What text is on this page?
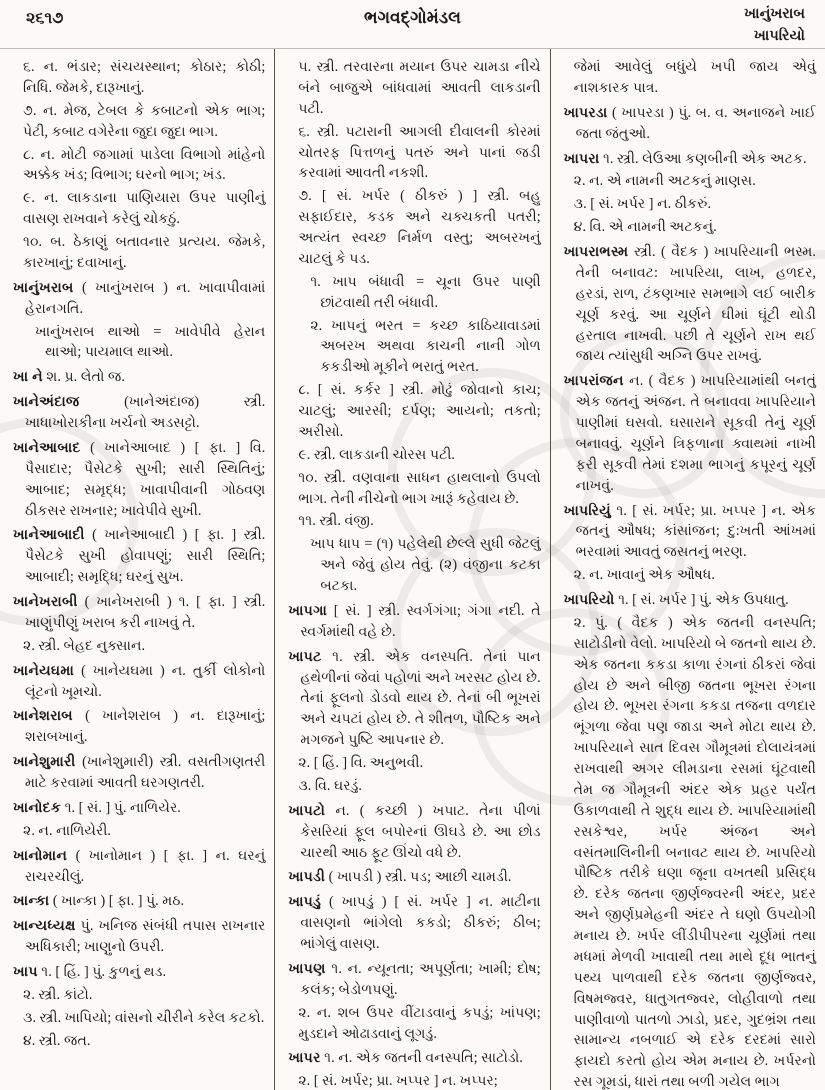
૨૬૧૭	ભગવદ્ગોમંડલ	ખાનુંખરાબ
ખાપરિયો
૬. ન. ભંડાર; સંચયસ્થાન; કોઠાર; કોઠી; નિધિ. જેમકે, દારૂખાનું.
૭. ન. મેજ, ટેબલ કે કબાટનો એક ભાગ; પેટી, કબાટ વગેરેના જુદા જુદા ભાગ.
૮. ન. મોટી જગામાં પાડેલા વિભાગો માંહેનો અક્કેક ખંડ; વિભાગ; ઘરનો ભાગ; ખંડ.
૯. ન. લાકડાના પાણિયારા ઉપર પાણીનું વાસણ રાખવાને કરેલું ચોકઠું.
૧૦. બ. ઠેકાણું બતાવનાર પ્રત્યય. જેમકે, કારખાનું; દવાખાનું.
ખાનુંખરાબ ( ખાનુંખરાબ ) ન. ખાવાપીવામાં હેરાનગતિ.
ખાનુંખરાબ થાઓ = ખાવેપીવે હેરાન થાઓ; પાયમાલ થાઓ.
ખા ને શ. પ્ર. લેતો જ.
ખાનેઅંદાજ (ખાનેઅંદાજ) સ્ત્રી. ખાધાખોરાકીના ખર્ચનો અડસટ્ટો.
ખાનેઆબાદ ( ખાનેઆબાદ ) [ ફા. ] વિ. પૈસાદાર; પૈસેટકે સુખી; સારી સ્થિતિનું; આબાદ; સમૃદ્ધ; ખાવાપીવાની ગોઠવણ ઠીકસર રાખનાર; ખાવેપીવે સુખી.
ખાનેઆબાદી ( ખાનેઆબાદી ) [ ફા. ] સ્ત્રી. પૈસેટકે સુખી હોવાપણું; સારી સ્થિતિ; આબાદી; સમૃદ્ધિ; ઘરનું સુખ.
ખાનેખરાબી ( ખાનેખરાબી ) ૧. [ ફા. ] સ્ત્રી. ખાણુંપીણું ખરાબ કરી નાખવું તે.
૨. સ્ત્રી. બેહદ નુક્સાન.
ખાનેયઘમા ( ખાનેયઘમા ) ન. તુર્કી લોકોનો લૂંટનો ખૂમચો.
ખાનેશરાબ ( ખાનેશરાબ ) ન. દારૂખાનું; શરાબખાનું.
ખાનેશુમારી (ખાનેશુમારી) સ્ત્રી. વસતીગણતરી માટે કરવામાં આવતી ઘરગણતરી.
ખાનોદક ૧. [ સં. ] પું. નાળિયેર.
૨. ન. નાળિયેરી.
ખાનોમાન ( ખાનોમાન ) [ ફા. ] ન. ઘરનું રાચરચીલું.
ખાન્કા ( ખાન્કા ) [ ફા. ] પું. મઠ.
ખાન્યધ્યક્ષ પું. ખનિજ સંબંધી તપાસ રાખનાર અધિકારી; ખાણુનો ઉપરી.
ખાપ ૧. [ હિં. ] પું. કુળનું થડ.
૨. સ્ત્રી. કાંટો.
૩. સ્ત્રી. ખાપિયો; વાંસનો ચીરીને કરેલ કટકો.
૪. સ્ત્રી. જત.
૫. સ્ત્રી. તરવારના મયાન ઉપર ચામડા નીચે બંને બાજુએ બાંધવામાં આવતી લાકડાની પટી.
૬. સ્ત્રી. પટારાની આગલી દીવાલની કોરમાં ચોતરફ પિત્તળનું પતરું અને પાનાં જડી કરવામાં આવતી નકશી.
૭. [ સં. ખર્પર ( ઠીકરું ) ] સ્ત્રી. બહુ સફાઈદાર, કડક અને ચક્ચકતી પતરી; અત્યંત સ્વચ્છ નિર્મળ વસ્તુ; અબરખનું ચાટલું કે પડ.
૧. ખાપ બંધાવી = ચૂના ઉપર પાણી છાંટવાથી તરી બંધાવી.
૨. ખાપનું ભરત = કચ્છ કાઠિયાવાડમાં અબરખ અથવા કાચની નાની ગોળ કકડીઓ મૂકીને ભરાતું ભરત.
૮. [ સં. કર્કર ] સ્ત્રી. મોઢું જોવાનો કાચ; ચાટલું; આરસી; દર્પણ; આયનો; તકતો; અરીસો.
૯. સ્ત્રી. લાકડાની ચોરસ પટી.
૧૦. સ્ત્રી. વણવાના સાધન હાથલાનો ઉપલો ભાગ. તેની નીચેનો ભાગ ખારૂં કહેવાય છે.
૧૧. સ્ત્રી. વંજી.
ખાપ ધાપ = (૧) પહેલેથી છેલ્લે સુધી જેટલું અને જેવું હોય તેવું. (૨) વંજીના કટકા બટકા.
ખાપગા [ સં. ] સ્ત્રી. સ્વર્ગગંગા; ગંગા નદી. તે સ્વર્ગમાંથી વહે છે.
ખાપટ ૧. સ્ત્રી. એક વનસ્પતિ. તેનાં પાન હથેળીનાં જેવાં પહોળાં અને ખરસટ હોય છે. તેનાં ફૂલનો ડોડવો થાય છે. તેનાં બી ભૂખરાં અને ચપટાં હોય છે. તે શીતળ, પૌષ્ટિક અને મગજને પુષ્ટિ આપનાર છે.
૨. [ હિં. ] વિ. અનુભવી.
૩. વિ. ઘરડું.
ખાપટો ન. ( કચ્છી ) ખપાટ. તેના પીળાં કેસરિયાં ફૂલ બપોરનાં ઊઘડે છે. આ છોડ ચારથી આઠ ફૂટ ઊંચો વધે છે.
ખાપડી ( ખાપડી ) સ્ત્રી. પડ; આછી ચામડી.
ખાપડું ( ખાપડું ) [ સં. ખર્પર ] ન. માટીના વાસણનો ભાંગેલો કકડો; ઠીકરું; ઠીબ; ભાંગેલું વાસણ.
ખાપણ ૧. ન. ન્યૂનતા; અપૂર્ણતા; ખામી; દોષ; કલંક; બેડોળપણું.
૨. ન. શબ ઉપર વીંટાડવાનું કપડું; ખાંપણ; મુડદાને ઓઢાડવાનું લૂગડું.
ખાપર ૧. ન. એક જતની વનસ્પતિ; સાટોડો.
૨. [ સં. ખર્પર; પ્રા. ખપ્પર ] ન. ખપ્પર;
જેમાં આવેલું બધુંયે ખપી જાય એવું નાશકારક પાત્ર.
ખાપરડા ( ખાપરડા ) પું. બ. વ. અનાજને ખાઈ જતા જંતુઓ.
ખાપરા ૧. સ્ત્રી. લેઉઆ કણબીની એક અટક.
૨. ન. એ નામની અટકનું માણસ.
૩. [ સં. ખર્પર ] ન. ઠીકરું.
૪. વિ. એ નામની અટકનું.
ખાપરાભસ્મ સ્ત્રી. ( વૈદક ) ખાપરિયાની ભસ્મ. તેની બનાવટ: ખાપરિયા, લાખ, હળદર, હરડાં, રાળ, ટંકણખાર સમભાગે લઈ બારીક ચૂર્ણ કરવું. આ ચૂર્ણને ઘીમાં ઘૂંટી થોડી હરતાલ નાખવી. પછી તે ચૂર્ણને રાખ થઈ જાય ત્યાંસુધી અગ્નિ ઉપર રાખવું.
ખાપરાંજન ન. ( વૈદક ) ખાપરિયામાંથી બનતું એક જતનું અંજન. તે બનાવવા ખાપરિયાને પાણીમાં ઘસવો. ઘસારાને સૂકવી તેનું ચૂર્ણ બનાવવું. ચૂર્ણને ત્રિફળાના ક્વાથમાં નાખી ફરી સૂકવી તેમાં દશમા ભાગનું કપૂરનું ચૂર્ણ નાખવું.
ખાપરિયું ૧. [ સં. ખર્પર; પ્રા. ખપ્પર ] ન. એક જતનું ઔષધ; કાંસાંજન; દુ:ખતી આંખમાં ભરવામાં આવતું જસતનું ભરણ.
૨. ન. ખાવાનું એક ઔષધ.
ખાપરિયો ૧. [ સં. ખર્પર ] પું. એક ઉપધાતુ.
૨. પું. ( વૈદક ) એક જતની વનસ્પતિ; સાટોડીનો વેલો. ખાપરિયો બે જતનો થાય છે. એક જતના કકડા કાળા રંગનાં ઠીકરાં જેવાં હોય છે અને બીજી જતના ભૂખરા રંગના હોય છે. ભૂખરા રંગના કકડા તજના વળદાર ભૂંગળા જેવા પણ જાડા અને મોટા થાય છે. ખાપરિયાને સાત દિવસ ગૌમૂત્રમાં દોલાયંત્રમાં રાખવાથી અગર લીમડાના રસમાં ઘૂંટવાથી તેમ જ ગૌમૂત્રની અંદર એક પ્રહર પર્યંત ઉકાળવાથી તે શુદ્ધ થાય છે. ખાપરિયામાંથી રસકેશ્વર, ખર્પર અંજન અને વસંતમાલિનીની બનાવટ થાય છે. ખાપરિયો પૌષ્ટિક તરીકે ઘણા જૂના વખતથી પ્રસિદ્ધ છે. દરેક જતના જીર્ણજ્વરની અંદર, પ્રદર અને જીર્ણપ્રમેહની અંદર તે ઘણો ઉપયોગી મનાય છે. ખર્પર લીંડીપીપરના ચૂર્ણમાં તથા મધમાં મેળવી ખાવાથી તથા માથે દૂધ ભાતનું પથ્ય પાળવાથી દરેક જતના જીર્ણજ્વર, વિષમજ્વર, ધાતુગતજ્વર, લોહીવાળો તથા પાણીવાળો પાતળો ઝાડો, પ્રદર, ગુદભ્રંશ તથા સામાન્ય નબળાઈ એ દરેક દરદમાં સારો ફાયદો કરતો હોય એમ મનાય છે. ખર્પરનો રસ ગૂમડાં, ધારાં તથા બળી ગયેલ ભાગ
